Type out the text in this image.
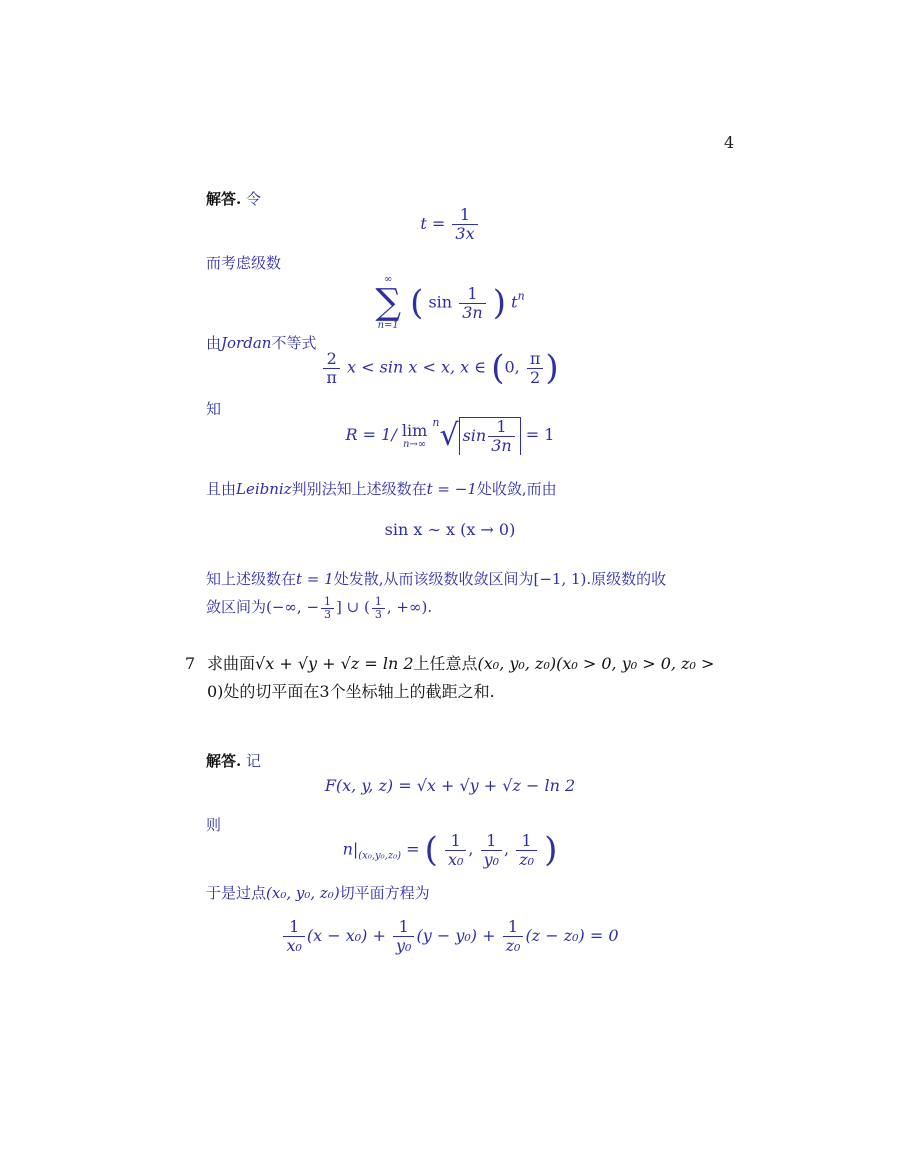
4
解答. 令
$t = \frac{1}{3x}$
而考虑级数
∞
∑
n=1
( $\sin \frac{1}{3n}$ ) $t^n$
由Jordan不等式
$\frac{2}{\pi}$ x < sin x < x, x ∈ (0, $\frac{\pi}{2}$ )
知
R = 1/ lim
n→∞
$^n$√ $\sin \frac{1}{3n} = 1$
且由Leibniz判别法知上述级数在t = −1处收敛,而由
sin x ∼ x (x → 0)
知上述级数在t = 1处发散,从而该级数收敛区间为[−1, 1).原级数的收
敛区间为(−∞, − $\frac{1}{3}$ ] ∪ ( $\frac{1}{3}$ , +∞).
7 求曲面√x + √y + √z = ln 2上任意点(x₀, y₀, z₀)(x₀ > 0, y₀ > 0, z₀ >
0)处的切平面在3个坐标轴上的截距之和.
解答. 记
F(x, y, z) = √x + √y + √z − ln 2
则
$n|_{(x_0,y_0,z_0)}$ = ( $\frac{1}{\text{x₀}}$ , $\frac{1}{\text{y₀}}$ , $\frac{1}{\text{z₀}}$ )
于是过点(x₀, y₀, z₀)切平面方程为
$\frac{1}{\text{x₀}} (x - x_0) + \frac{1}{\text{y₀}} (y - y_0) + \frac{1}{\text{z₀}} (z - z_0) = 0$
